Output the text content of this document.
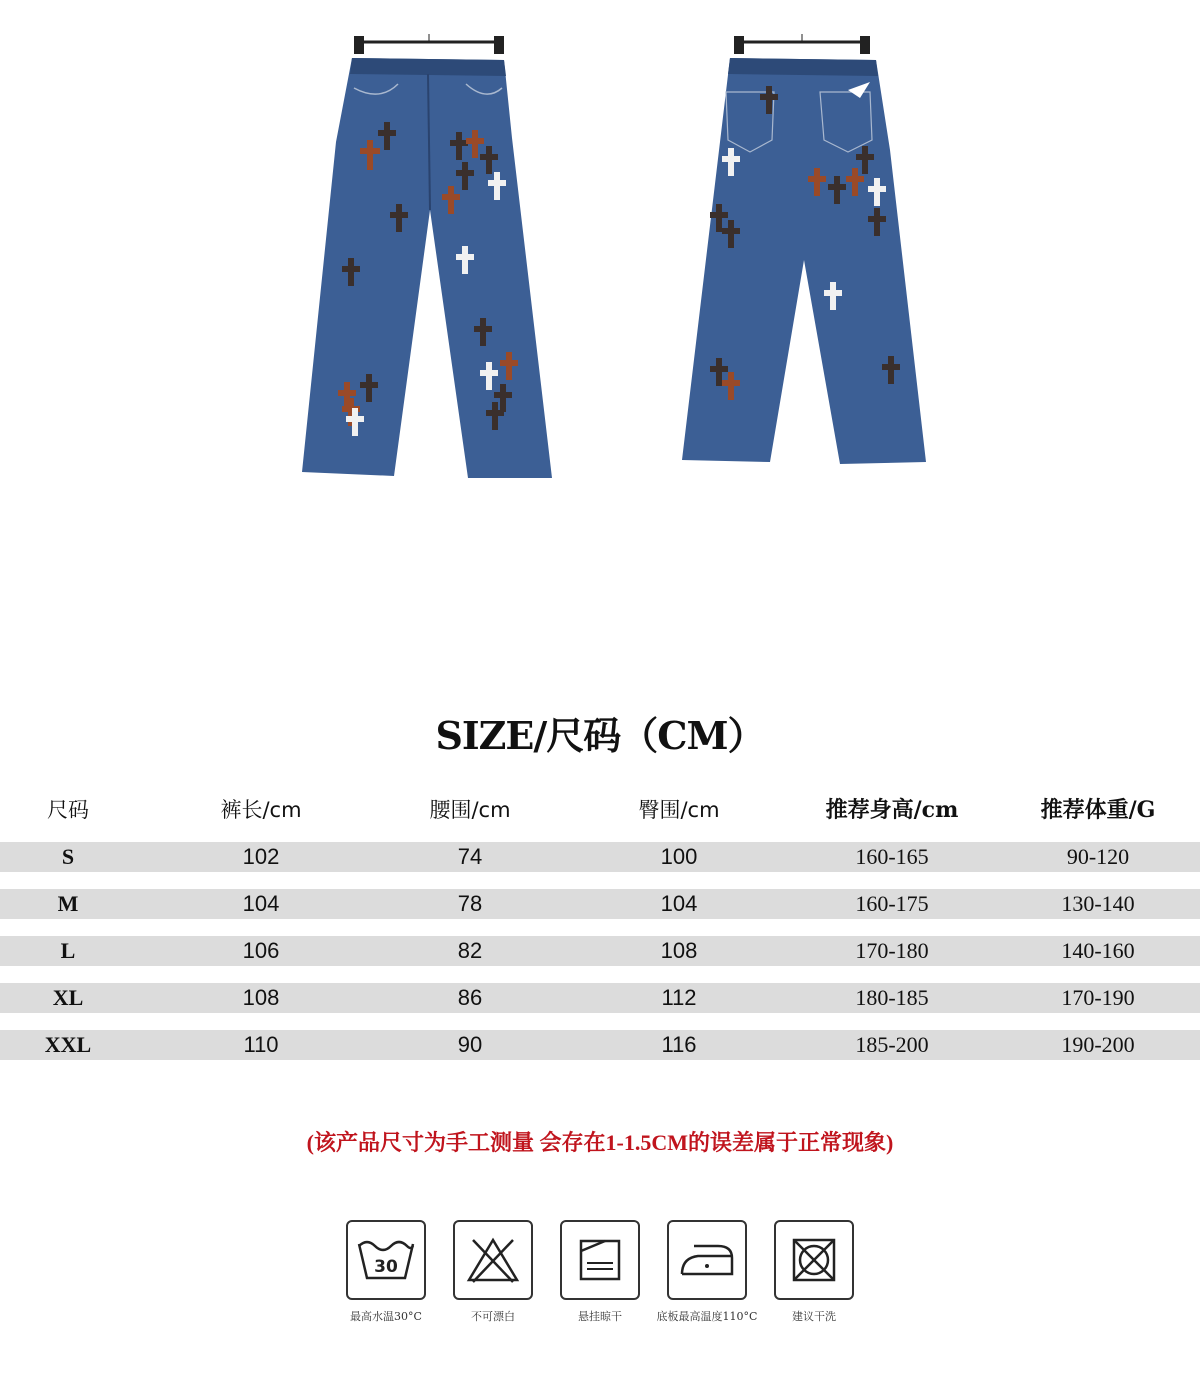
SIZE/尺码（CM）
尺码	裤长/cm	腰围/cm	臀围/cm	推荐身高/cm	推荐体重/G
S	102	74	100	160-165	90-120
M	104	78	104	160-175	130-140
L	106	82	108	170-180	140-160
XL	108	86	112	180-185	170-190
XXL	110	90	116	185-200	190-200
(该产品尺寸为手工测量 会存在1-1.5CM的误差属于正常现象)
30
最高水温30°C	不可漂白	悬挂晾干	底板最高温度110°C	建议干洗
